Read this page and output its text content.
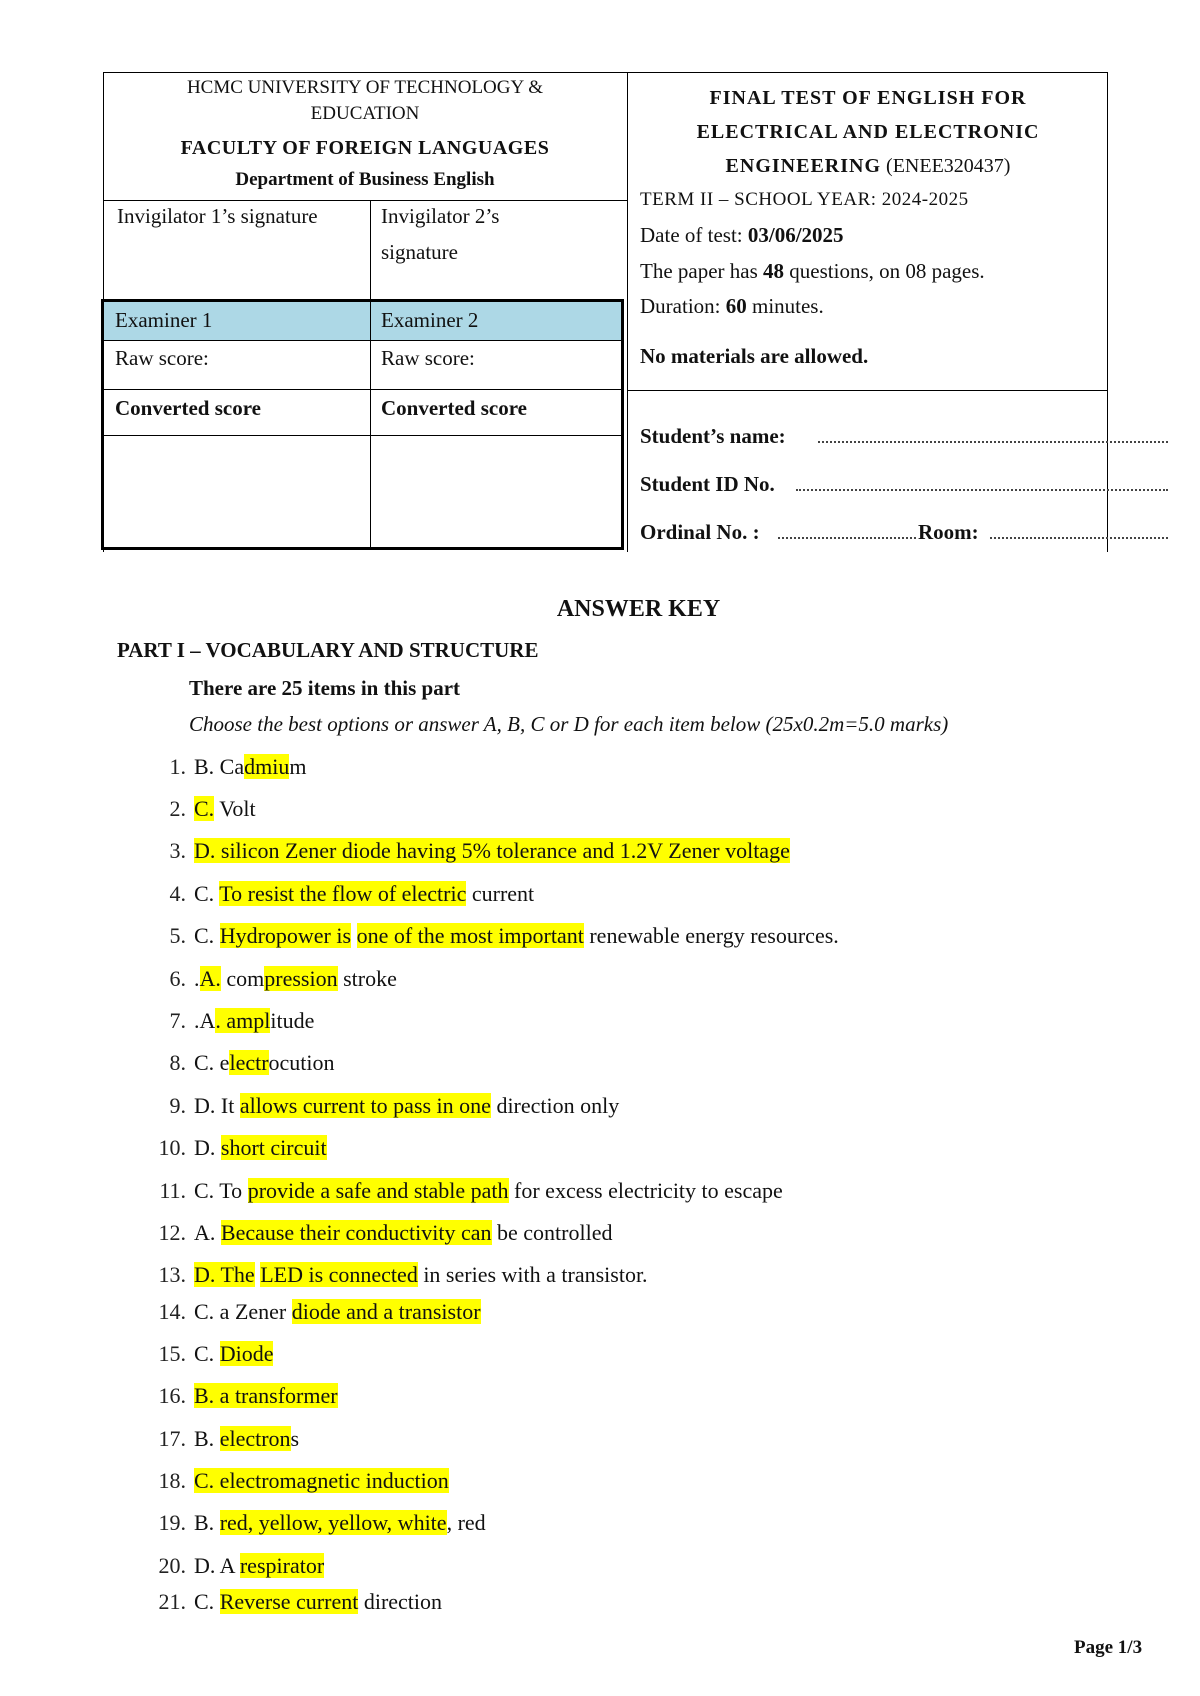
HCMC UNIVERSITY OF TECHNOLOGY &
EDUCATION
FACULTY OF FOREIGN LANGUAGES
Department of Business English
Invigilator 1’s signature	Invigilator 2’s
signature
Examiner 1	Examiner 2
Raw score:	Raw score:
Converted score	Converted score
FINAL TEST OF ENGLISH FOR
ELECTRICAL AND ELECTRONIC
ENGINEERING (ENEE320437)
TERM II – SCHOOL YEAR: 2024-2025
Date of test: 03/06/2025
The paper has 48 questions, on 08 pages.
Duration: 60 minutes.
No materials are allowed.
Student’s name:
Student ID No.
Ordinal No. :	Room:
ANSWER KEY
PART I – VOCABULARY AND STRUCTURE
There are 25 items in this part
Choose the best options or answer A, B, C or D for each item below (25x0.2m=5.0 marks)
1. B. Cadmium
2. C. Volt
3. D. silicon Zener diode having 5% tolerance and 1.2V Zener voltage
4. C. To resist the flow of electric current
5. C. Hydropower is one of the most important renewable energy resources.
6. .A. compression stroke
7. .A. amplitude
8. C. electrocution
9. D. It allows current to pass in one direction only
10. D. short circuit
11. C. To provide a safe and stable path for excess electricity to escape
12. A. Because their conductivity can be controlled
13. D. The LED is connected in series with a transistor.
14. C. a Zener diode and a transistor
15. C. Diode
16. B. a transformer
17. B. electrons
18. C. electromagnetic induction
19. B. red, yellow, yellow, white, red
20. D. A respirator
21. C. Reverse current direction
Page 1/3
